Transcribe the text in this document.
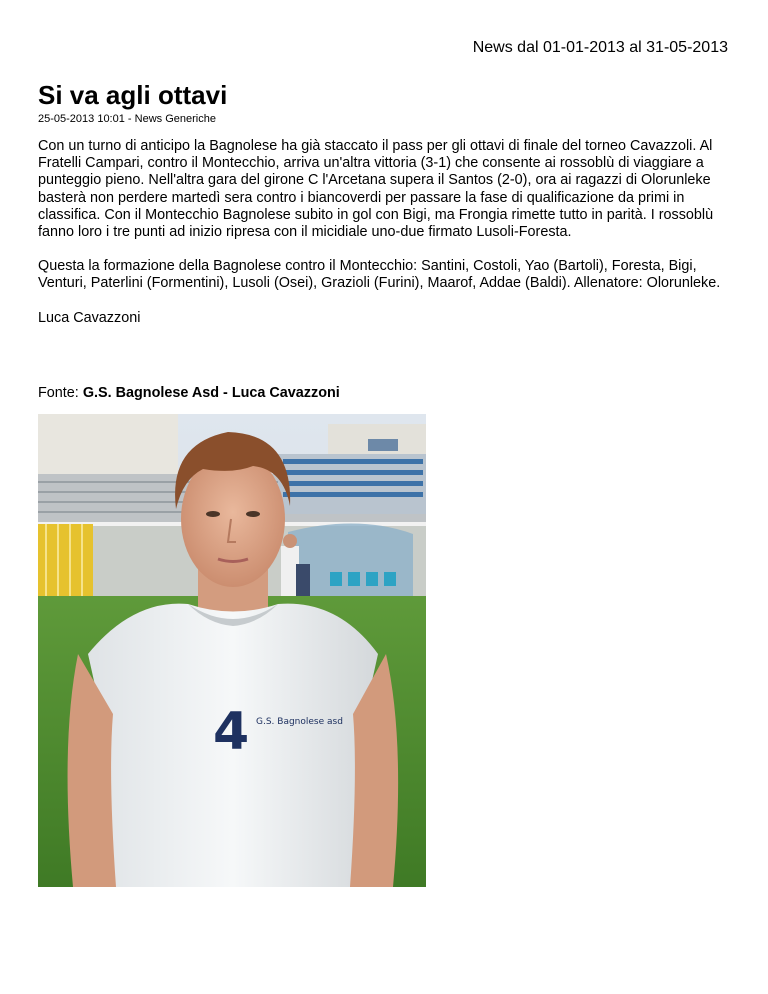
News dal 01-01-2013 al 31-05-2013
Si va agli ottavi
25-05-2013 10:01 - News Generiche

Con un turno di anticipo la Bagnolese ha già staccato il pass per gli ottavi di finale del torneo Cavazzoli. Al Fratelli Campari, contro il Montecchio, arriva un'altra vittoria (3-1) che consente ai rossoblù di viaggiare a punteggio pieno. Nell'altra gara del girone C l'Arcetana supera il Santos (2-0), ora ai ragazzi di Olorunleke basterà non perdere martedì sera contro i biancoverdi per passare la fase di qualificazione da primi in classifica. Con il Montecchio Bagnolese subito in gol con Bigi, ma Frongia rimette tutto in parità. I rossoblù fanno loro i tre punti ad inizio ripresa con il micidiale uno-due firmato Lusoli-Foresta.

Questa la formazione della Bagnolese contro il Montecchio: Santini, Costoli, Yao (Bartoli), Foresta, Bigi, Venturi, Paterlini (Formentini), Lusoli (Osei), Grazioli (Furini), Maarof, Addae (Baldi). Allenatore: Olorunleke.

Luca Cavazzoni

Fonte: G.S. Bagnolese Asd - Luca Cavazzoni
4 G.S. Bagnolese asd
